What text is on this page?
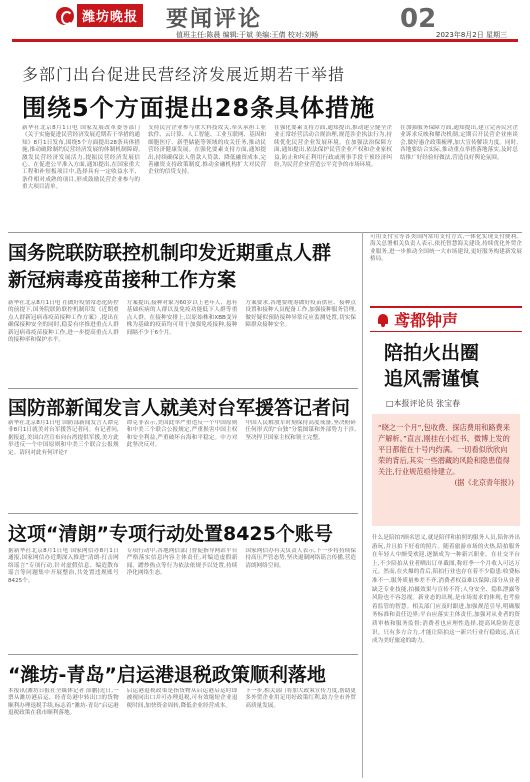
潍坊晚报 要闻评论	02
值班主任:陈晨 编辑:于斌 美编:王倩 校对:刘畅	2023年8月2日 星期三
多部门出台促进民营经济发展近期若干举措
围绕5个方面提出28条具体措施
新华社北京8月1日电 国家发展改革委等部门《关于实施促进民营经济发展近期若干举措的通知》8月1日发布,围绕5个方面提出28条具体措施,推动破除制约民营经济发展的体制机制障碍,激发民营经济发展活力,提振民营经济发展信心。在促进公平准入方面,通知提出,在国家重大工程和补短板项目中,选择具有一定收益水平、条件相对成熟的项目,形成鼓励民营企业参与的重大项目清单。
支持民营企业参与重大科技攻关,牵头承担工业软件、云计算、人工智能、工业互联网、基因和细胞医疗、新型储能等领域的攻关任务,推动民营经济健康发展。在强化要素支持方面,通知提出,持续确保法人借款人贷款、降低融资成本,完善融资支持政策制度,推动金融机构扩大对民营企业的信贷支持。
在强化要素支持方面,通知提出,推动建立健全企业正常经营活动合规治理,规范涉企执法行为,持续优化民营企业发展环境。在加强法治保障方面,通知提出,依法保护民营企业产权和企业家权益,防止和纠正利用行政或刑事手段干预经济纠纷,为民营企业营造公平竞争的市场环境。
在加强服务保障方面,通知提出,建立完善民营企业诉求反映和解决机制,定期召开民营企业座谈会,做好惠企政策梳理,加大宣传解读力度。同时,各地要结合实际,推动重点举措落地落实,及时总结推广好经验好做法,营造良好舆论氛围。
国务院联防联控机制印发近期重点人群
新冠病毒疫苗接种工作方案
新华社北京8月1日电 在做好疫情常态化防控的前提下,国务院联防联控机制印发《近期重点人群新冠病毒疫苗接种工作方案》,提出在确保接种安全的同时,稳妥有序推进重点人群新冠病毒疫苗接种工作,进一步提高重点人群的接种率和保护水平。
方案提出,接种对象为60岁以上老年人、患有基础疾病的人群以及免疫功能低下人群等重点人群。在接种安排上,以原始株和XBB变异株为基础的疫苗均可用于加强免疫接种,接种间隔不少于6个月。
方案要求,各地要统筹做好疫苗供应、接种点设置和接种人员配备工作,加强接种服务管理,做好疑似预防接种异常反应监测处置,切实保障群众接种安全。
国防部新闻发言人就美对台军援答记者问
新华社北京8月1日电 国防部新闻发言人谭克非8月1日就美对台军援答记者问。有记者问,据报道,美国白宫宣布向台湾提供军援,美方此举违反一个中国原则和中美三个联合公报规定。请问对此有何评论?
谭克非表示,美国此举严重违反一个中国原则和中美三个联合公报规定,严重损害中国主权和安全利益,严重破坏台海和平稳定。中方对此坚决反对。
中国人民解放军时刻保持高度戒备,坚决粉碎任何形式的“台独”分裂图谋和外部势力干涉,坚决捍卫国家主权和领土完整。
这项“清朗”专项行动处置8425个账号
据新华社北京8月1日电 国家网信办8月1日通报,国家网信办近期深入推进“清朗·打击网络谣言”专项行动,针对虚假信息、编造散布谣言等问题集中开展整治,共处置违规账号8425个。
专项行动中,各地网信部门督促指导网站平台严格落实信息内容主体责任,对编造虚假新闻、蹭炒热点等行为依法依规予以处置,持续净化网络生态。
国家网信办有关负责人表示,下一步将持续保持高压严管态势,坚决遏制网络谣言传播,营造清朗网络空间。
“潍坊-青岛”启运港退税政策顺利落地
本报讯(潍坊日报社全媒体记者 薛鹏)近日,一票从潍坊港启运、经青岛港中转出口的货物顺利办理退税手续,标志着“潍坊-青岛”启运港退税政策在我市顺利落地。
启运港退税政策是指货物从启运港启运时即被视同出口并可办理退税,可有效缩短企业退税时间,加快资金周转,降低企业经营成本。
下一步,相关部门将加大政策宣传力度,帮助更多外贸企业用足用好政策红利,助力全市外贸高质量发展。
可用支付宝等各类国内常用支付方式,一体化实现支付便利。海关总署相关负责人表示,依托智慧海关建设,持续优化外贸企业服务,进一步推动全国统一大市场建设,更好服务构建新发展格局。
鸢都钟声
陪拍火出圈
追风需谨慎
□本报评论员 张宝春
“晓之一个月”,包收费、探店费用和路费来产解析。”直言,刚挂在小红书、微博上发的平日都能在十号内约满。一切看似欣欣向荣的背后,其实一些潜藏的风险和隐患值得关注,行业规范亟待建立。
(据《北京青年报》)
什么是陪拍?顾名思义,就是陪伴和拍照的服务人员,陪你外出游玩,并且拍下好看的照片。随着旅游市场的火热,陪拍服务在年轻人中颇受欢迎,逐渐成为一种新兴职业。在社交平台上,不少陪拍从业者晒出订单截图,称旺季一个月收入可达万元。然而,在火爆的背后,陪拍行业也存在着不少隐患:收费标准不一,服务质量参差不齐,消费者权益难以保障;部分从业者缺乏专业技能,拍摄效果与宣传不符;人身安全、隐私泄露等风险也不容忽视。新业态的出现,是市场需求的体现,也考验着监管的智慧。相关部门应及时跟进,加强规范引导,明确服务标准和责任边界;平台应落实主体责任,加强对从业者的资质审核和服务监督;消费者也应理性选择,提高风险防范意识。只有多方合力,才能让陪拍这一新兴行业行稳致远,真正成为美好旅途的助力。
